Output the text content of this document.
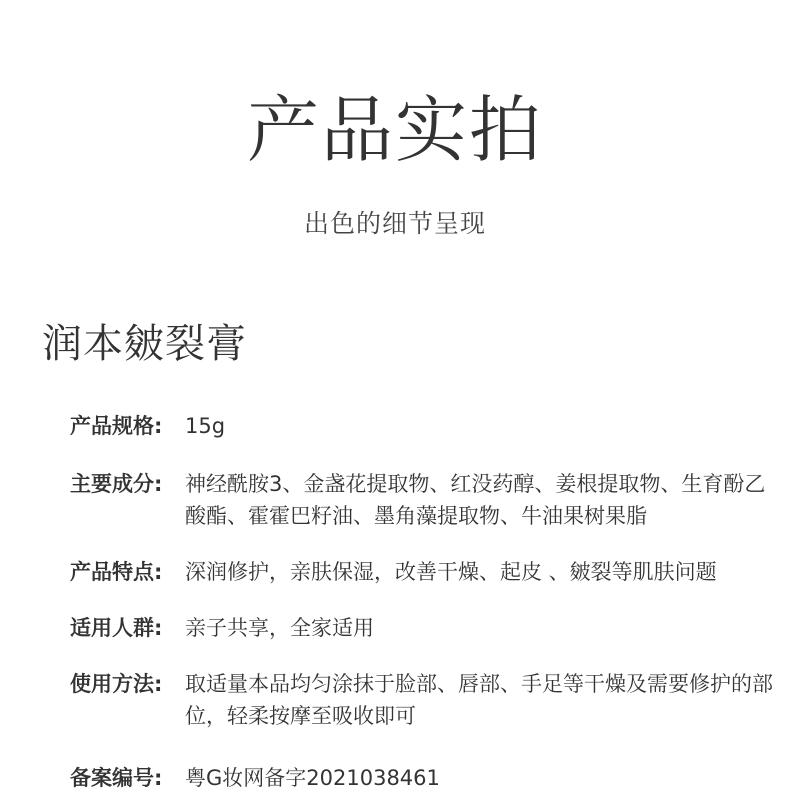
产品实拍
出色的细节呈现
润本皴裂膏
产品规格:	15g
主要成分:	神经酰胺3、金盏花提取物、红没药醇、姜根提取物、生育酚乙酸酯、霍霍巴籽油、墨角藻提取物、牛油果树果脂
产品特点:	深润修护，亲肤保湿，改善干燥、起皮 、皴裂等肌肤问题
适用人群:	亲子共享，全家适用
使用方法:	取适量本品均匀涂抹于脸部、唇部、手足等干燥及需要修护的部位，轻柔按摩至吸收即可
备案编号:	粤G妆网备字2021038461
